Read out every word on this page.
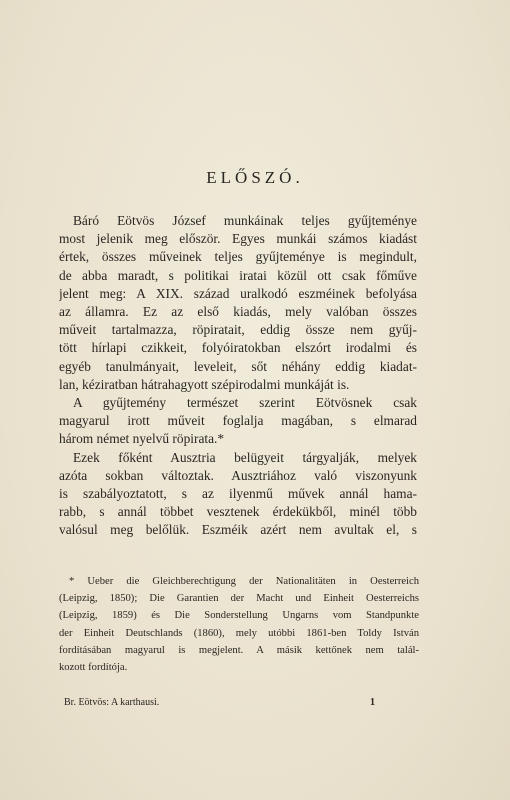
ELŐSZÓ.
Báró Eötvös József munkáinak teljes gyűjteménye
most jelenik meg először. Egyes munkái számos kiadást
értek, összes műveinek teljes gyűjteménye is megindult,
de abba maradt, s politikai iratai közül ott csak főműve
jelent meg: A XIX. század uralkodó eszméinek befolyása
az államra. Ez az első kiadás, mely valóban összes
műveit tartalmazza, röpiratait, eddig össze nem gyűj-
tött hírlapi czikkeit, folyóiratokban elszórt irodalmi és
egyéb tanulmányait, leveleit, sőt néhány eddig kiadat-
lan, kéziratban hátrahagyott szépirodalmi munkáját is.
A gyűjtemény természet szerint Eötvösnek csak
magyarul irott műveit foglalja magában, s elmarad
három német nyelvű röpirata.*
Ezek főként Ausztria belügyeit tárgyalják, melyek
azóta sokban változtak. Ausztriához való viszonyunk
is szabályoztatott, s az ilyenmű művek annál hama-
rabb, s annál többet vesztenek érdekükből, minél több
valósul meg belőlük. Eszméik azért nem avultak el, s
* Ueber die Gleichberechtigung der Nationalitäten in Oesterreich
(Leipzig, 1850); Die Garantien der Macht und Einheit Oesterreichs
(Leipzig, 1859) és Die Sonderstellung Ungarns vom Standpunkte
der Einheit Deutschlands (1860), mely utóbbi 1861-ben Toldy István
fordításában magyarul is megjelent. A másik kettőnek nem talál-
kozott fordítója.
Br. Eötvös: A karthausi.	1
